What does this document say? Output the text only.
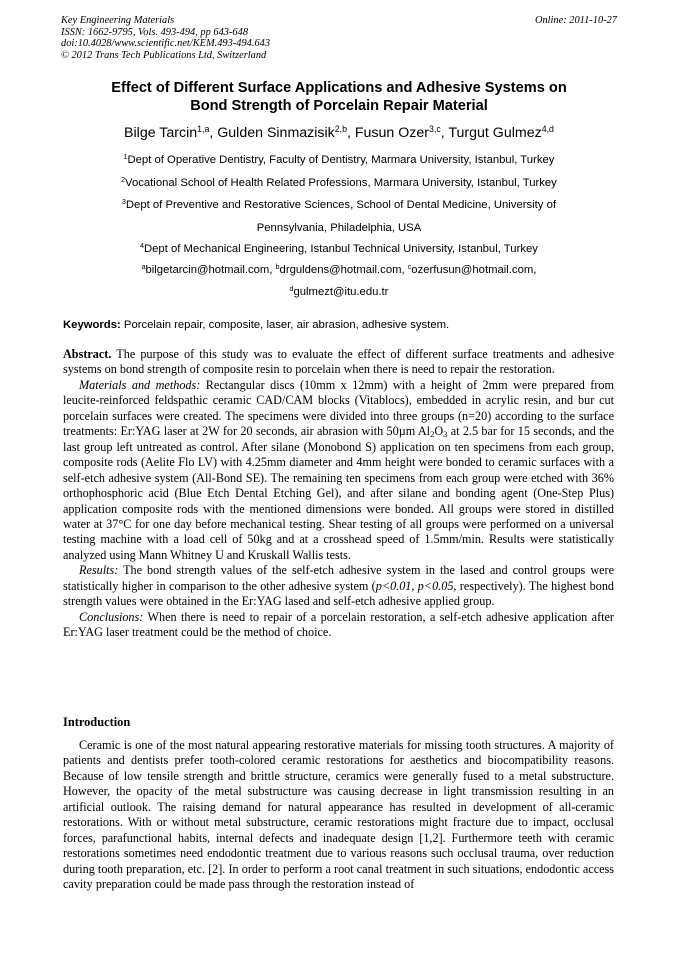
Key Engineering Materials
ISSN: 1662-9795, Vols. 493-494, pp 643-648
doi:10.4028/www.scientific.net/KEM.493-494.643
© 2012 Trans Tech Publications Ltd, Switzerland
Online: 2011-10-27
Effect of Different Surface Applications and Adhesive Systems on
Bond Strength of Porcelain Repair Material
Bilge Tarcin$^{1,a}$, Gulden Sinmazisik$^{2,b}$, Fusun Ozer$^{3,c}$, Turgut Gulmez$^{4,d}$
$^1$Dept of Operative Dentistry, Faculty of Dentistry, Marmara University, Istanbul, Turkey
$^2$Vocational School of Health Related Professions, Marmara University, Istanbul, Turkey
$^3$Dept of Preventive and Restorative Sciences, School of Dental Medicine, University of
Pennsylvania, Philadelphia, USA
$^4$Dept of Mechanical Engineering, Istanbul Technical University, Istanbul, Turkey
$^a$bilgetarcin@hotmail.com, $^b$drguldens@hotmail.com, $^c$ozerfusun@hotmail.com,
$^d$gulmezt@itu.edu.tr
Keywords: Porcelain repair, composite, laser, air abrasion, adhesive system.

Abstract. The purpose of this study was to evaluate the effect of different surface treatments and adhesive systems on bond strength of composite resin to porcelain when there is need to repair the restoration.

Materials and methods: Rectangular discs (10mm x 12mm) with a height of 2mm were prepared from leucite-reinforced feldspathic ceramic CAD/CAM blocks (Vitablocs), embedded in acrylic resin, and bur cut porcelain surfaces were created. The specimens were divided into three groups (n=20) according to the surface treatments: Er:YAG laser at 2W for 20 seconds, air abrasion with 50µm $Al_2O_3$ at 2.5 bar for 15 seconds, and the last group left untreated as control. After silane (Monobond S) application on ten specimens from each group, composite rods (Aelite Flo LV) with 4.25mm diameter and 4mm height were bonded to ceramic surfaces with a self-etch adhesive system (All-Bond SE). The remaining ten specimens from each group were etched with 36% orthophosphoric acid (Blue Etch Dental Etching Gel), and after silane and bonding agent (One-Step Plus) application composite rods with the mentioned dimensions were bonded. All groups were stored in distilled water at 37°C for one day before mechanical testing. Shear testing of all groups were performed on a universal testing machine with a load cell of 50kg and at a crosshead speed of 1.5mm/min. Results were statistically analyzed using Mann Whitney U and Kruskall Wallis tests.

Results: The bond strength values of the self-etch adhesive system in the lased and control groups were statistically higher in comparison to the other adhesive system (p<0.01, p<0.05, respectively). The highest bond strength values were obtained in the Er:YAG lased and self-etch adhesive applied group.

Conclusions: When there is need to repair of a porcelain restoration, a self-etch adhesive application after Er:YAG laser treatment could be the method of choice.

Introduction

Ceramic is one of the most natural appearing restorative materials for missing tooth structures. A majority of patients and dentists prefer tooth-colored ceramic restorations for aesthetics and biocompatibility reasons. Because of low tensile strength and brittle structure, ceramics were generally fused to a metal substructure. However, the opacity of the metal substructure was causing decrease in light transmission resulting in an artificial outlook. The raising demand for natural appearance has resulted in development of all-ceramic restorations. With or without metal substructure, ceramic restorations might fracture due to impact, occlusal forces, parafunctional habits, internal defects and inadequate design [1,2]. Furthermore teeth with ceramic restorations sometimes need endodontic treatment due to various reasons such occlusal trauma, over reduction during tooth preparation, etc. [2]. In order to perform a root canal treatment in such situations, endodontic access cavity preparation could be made pass through the restoration instead of
